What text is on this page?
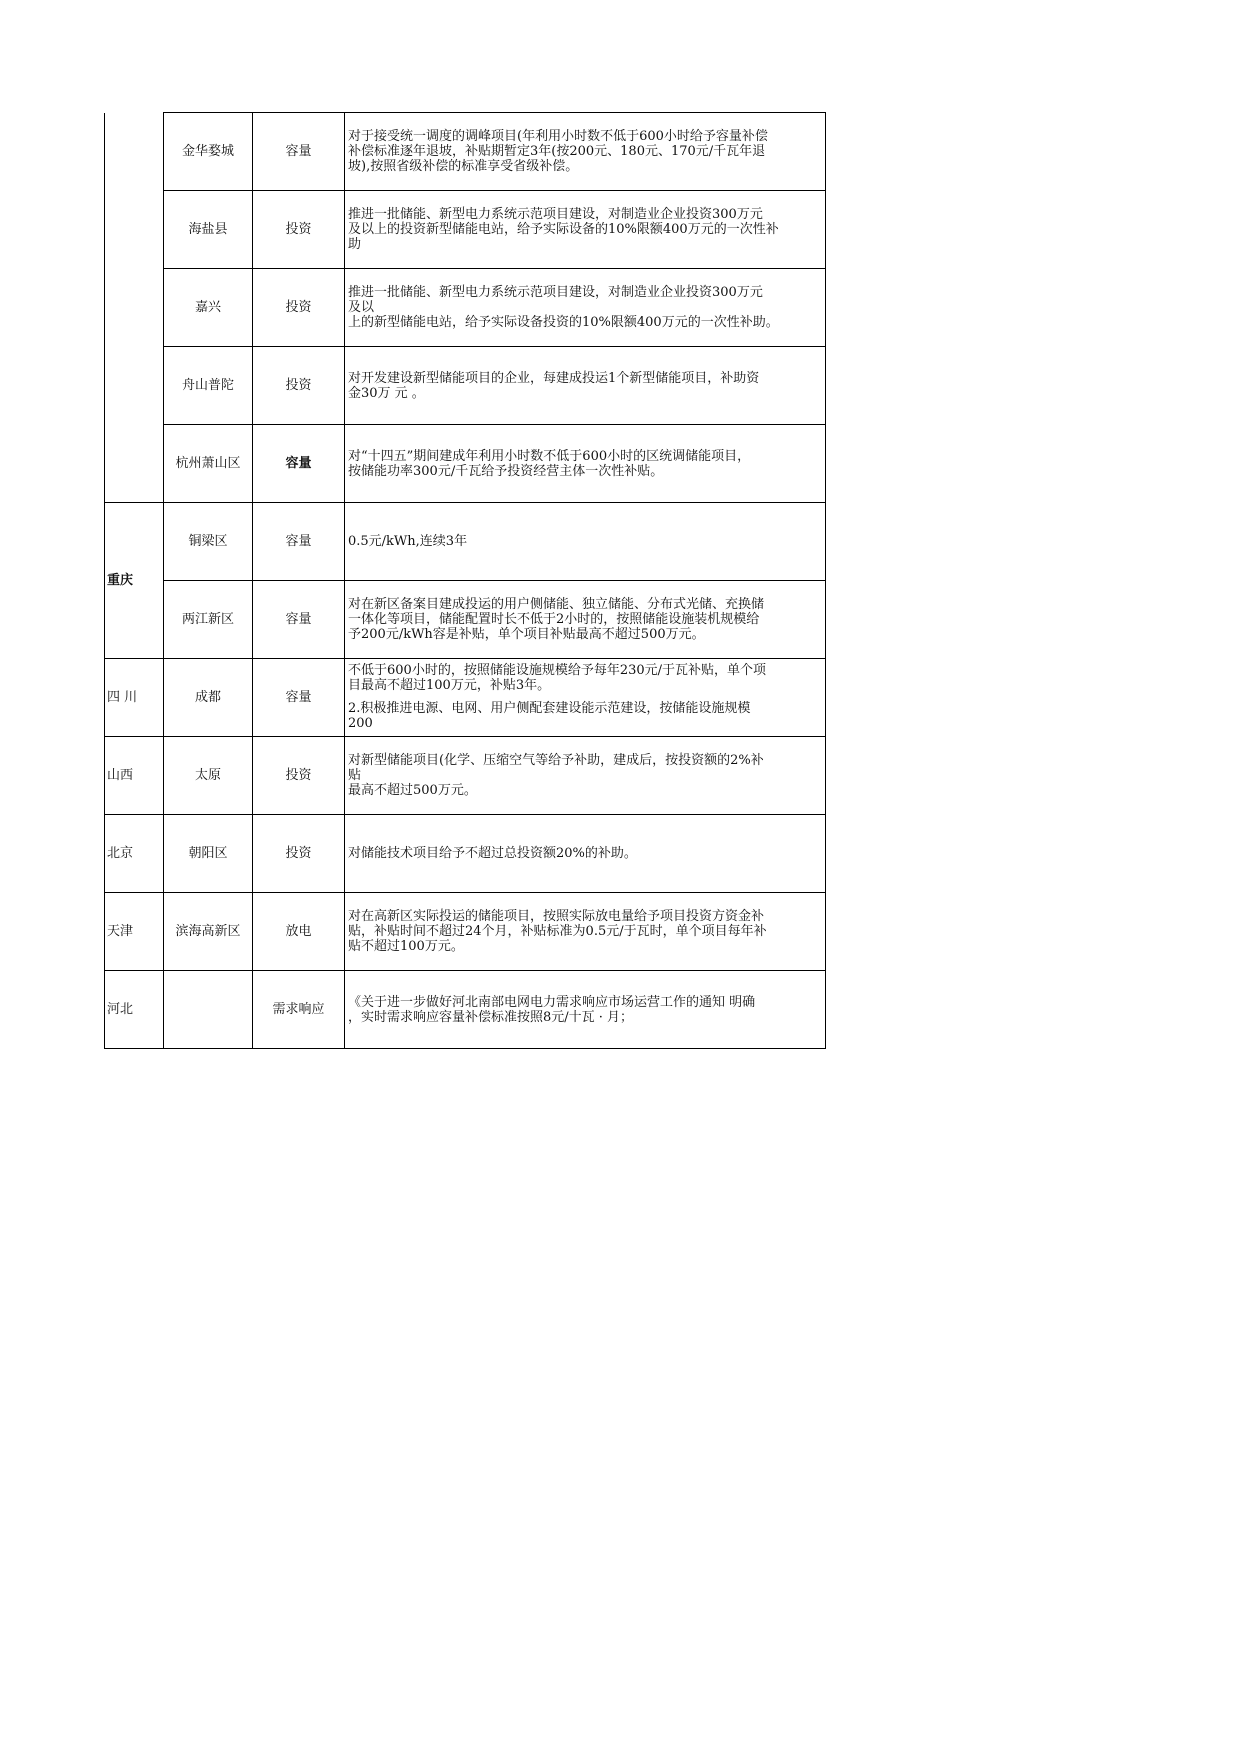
	金华婺城	容量	对于接受统一调度的调峰项目(年利用小时数不低于600小时给予容量补偿
补偿标准逐年退坡，补贴期暂定3年(按200元、180元、170元/千瓦年退
坡),按照省级补偿的标准享受省级补偿。

	海盐县	投资	推进一批储能、新型电力系统示范项目建设，对制造业企业投资300万元
及以上的投资新型储能电站，给予实际设备的10%限额400万元的一次性补
助

	嘉兴	投资	推进一批储能、新型电力系统示范项目建设，对制造业企业投资300万元
及以
上的新型储能电站，给予实际设备投资的10%限额400万元的一次性补助。

	舟山普陀	投资	对开发建设新型储能项目的企业，每建成投运1个新型储能项目，补助资
金30万 元 。

	杭州萧山区	容量	对“十四五”期间建成年利用小时数不低于600小时的区统调储能项目，
按储能功率300元/千瓦给予投资经营主体一次性补贴。

重庆	铜梁区	容量	0.5元/kWh,连续3年

	两江新区	容量	对在新区备案目建成投运的用户侧储能、独立储能、分布式光储、充换储
一体化等项目，储能配置时长不低于2小时的，按照储能设施装机规模给
予200元/kWh容是补贴，单个项目补贴最高不超过500万元。

四 川	成都	容量	不低于600小时的，按照储能设施规模给予每年230元/于瓦补贴，单个项
目最高不超过100万元，补贴3年。
2.积极推进电源、电网、用户侧配套建设能示范建设，按储能设施规模
200

山西	太原	投资	对新型储能项目(化学、压缩空气等给予补助，建成后，按投资额的2%补
贴
最高不超过500万元。

北京	朝阳区	投资	对储能技术项目给予不超过总投资额20%的补助。

天津	滨海高新区	放电	对在高新区实际投运的储能项目，按照实际放电量给予项目投资方资金补
贴，补贴时间不超过24个月，补贴标准为0.5元/于瓦时，单个项目每年补
贴不超过100万元。

河北		需求响应	《关于进一步做好河北南部电网电力需求响应市场运营工作的通知 明确
，实时需求响应容量补偿标准按照8元/十瓦 · 月；
